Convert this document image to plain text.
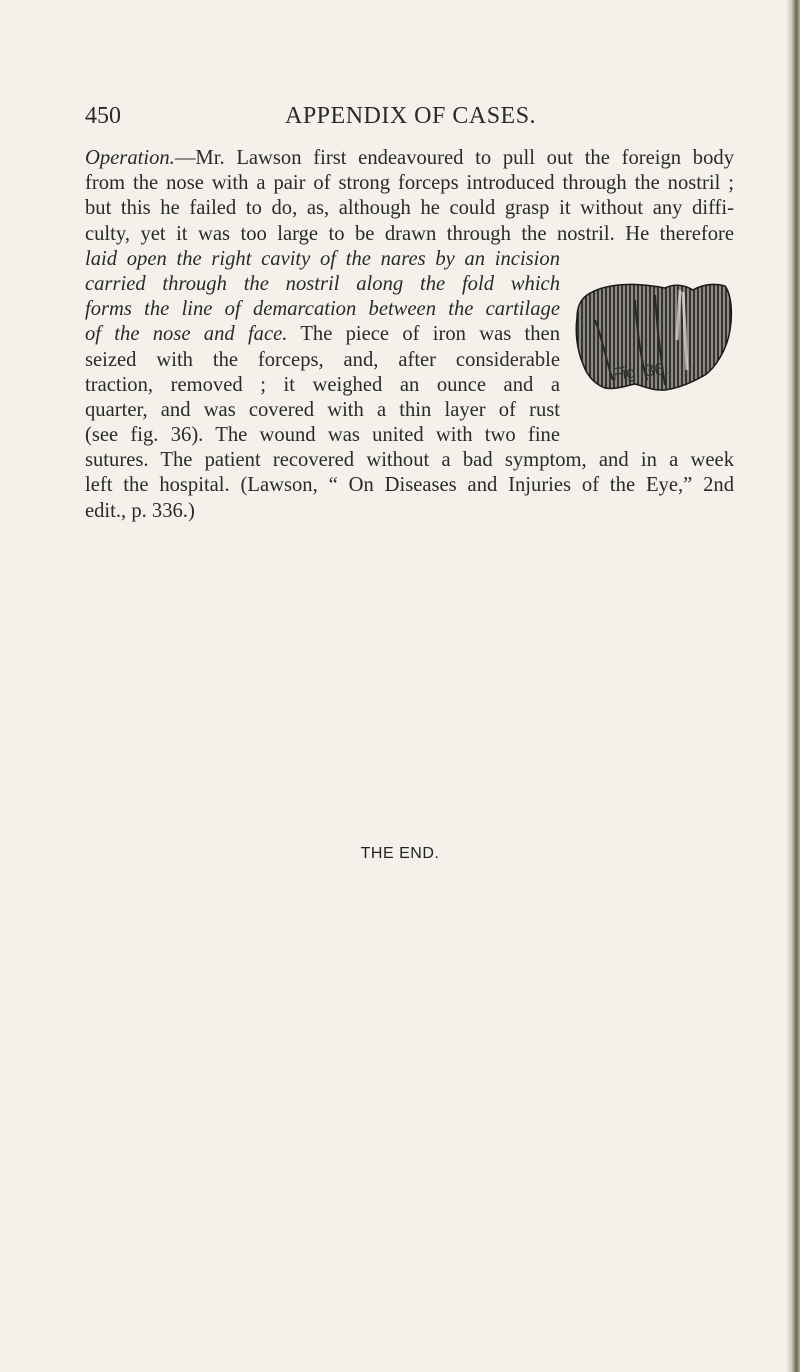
450	APPENDIX OF CASES.
Operation.—Mr. Lawson first endeavoured to pull out the foreign body
from the nose with a pair of strong forceps introduced through the nostril ;
but this he failed to do, as, although he could grasp it without any diffi-
culty, yet it was too large to be drawn through the nostril. He therefore
laid open the right cavity of the nares by an incision
carried through the nostril along the fold which
forms the line of demarcation between the cartilage
of the nose and face. The piece of iron was then
seized with the forceps, and, after considerable
traction, removed ; it weighed an ounce and a
quarter, and was covered with a thin layer of rust
(see fig. 36). The wound was united with two fine
sutures. The patient recovered without a bad symptom, and in a week
left the hospital. (Lawson, “ On Diseases and Injuries of the Eye,” 2nd
edit., p. 336.)
Fig. 36.
THE END.
